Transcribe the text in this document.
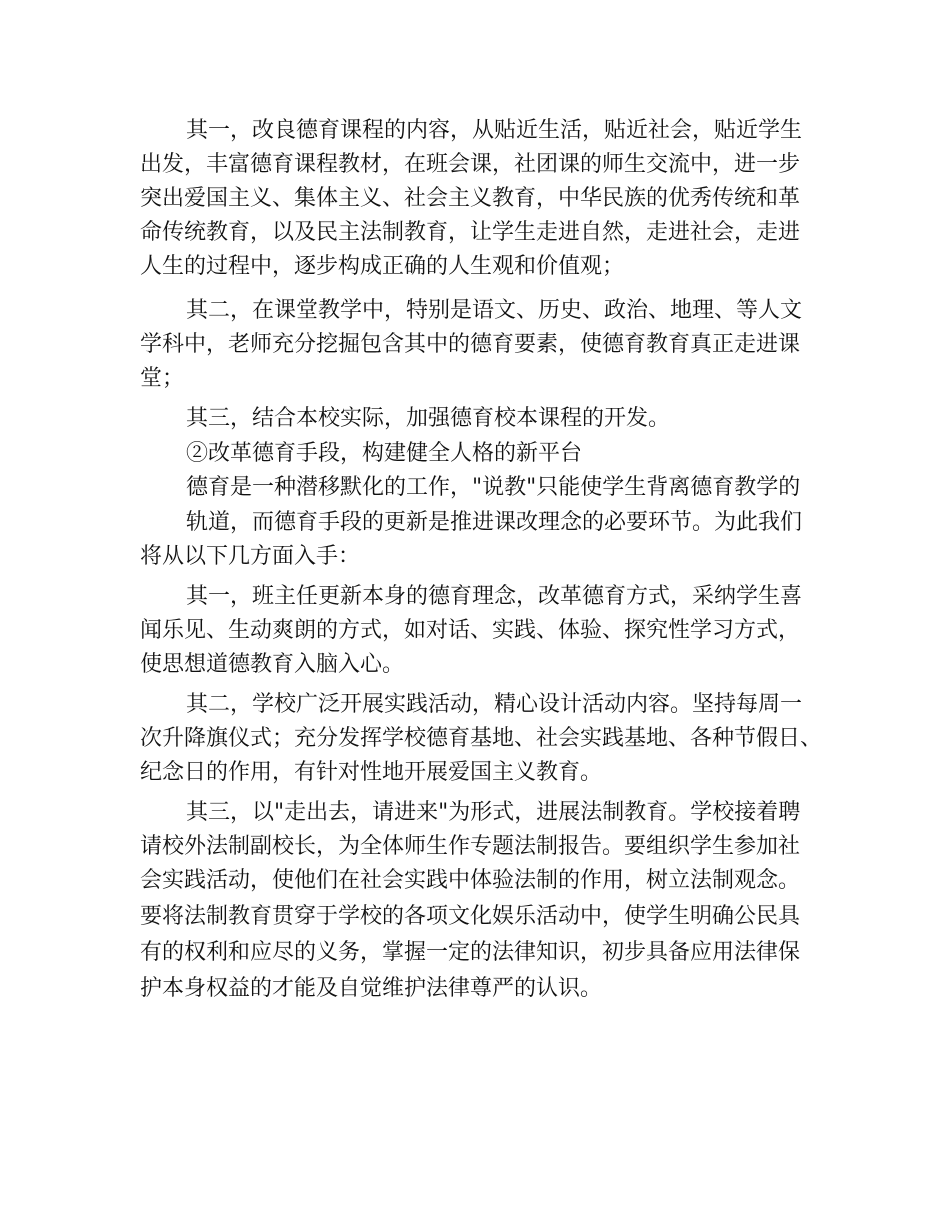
其一，改良德育课程的内容，从贴近生活，贴近社会，贴近学生
出发，丰富德育课程教材，在班会课，社团课的师生交流中，进一步
突出爱国主义、集体主义、社会主义教育，中华民族的优秀传统和革
命传统教育，以及民主法制教育，让学生走进自然，走进社会，走进
人生的过程中，逐步构成正确的人生观和价值观；
其二，在课堂教学中，特别是语文、历史、政治、地理、等人文
学科中，老师充分挖掘包含其中的德育要素，使德育教育真正走进课
堂；
其三，结合本校实际，加强德育校本课程的开发。
②改革德育手段，构建健全人格的新平台
德育是一种潜移默化的工作，"说教"只能使学生背离德育教学的
轨道，而德育手段的更新是推进课改理念的必要环节。为此我们
将从以下几方面入手：
其一，班主任更新本身的德育理念，改革德育方式，采纳学生喜
闻乐见、生动爽朗的方式，如对话、实践、体验、探究性学习方式，
使思想道德教育入脑入心。
其二，学校广泛开展实践活动，精心设计活动内容。坚持每周一
次升降旗仪式；充分发挥学校德育基地、社会实践基地、各种节假日、
纪念日的作用，有针对性地开展爱国主义教育。
其三，以"走出去，请进来"为形式，进展法制教育。学校接着聘
请校外法制副校长，为全体师生作专题法制报告。要组织学生参加社
会实践活动，使他们在社会实践中体验法制的作用，树立法制观念。
要将法制教育贯穿于学校的各项文化娱乐活动中，使学生明确公民具
有的权利和应尽的义务，掌握一定的法律知识，初步具备应用法律保
护本身权益的才能及自觉维护法律尊严的认识。
